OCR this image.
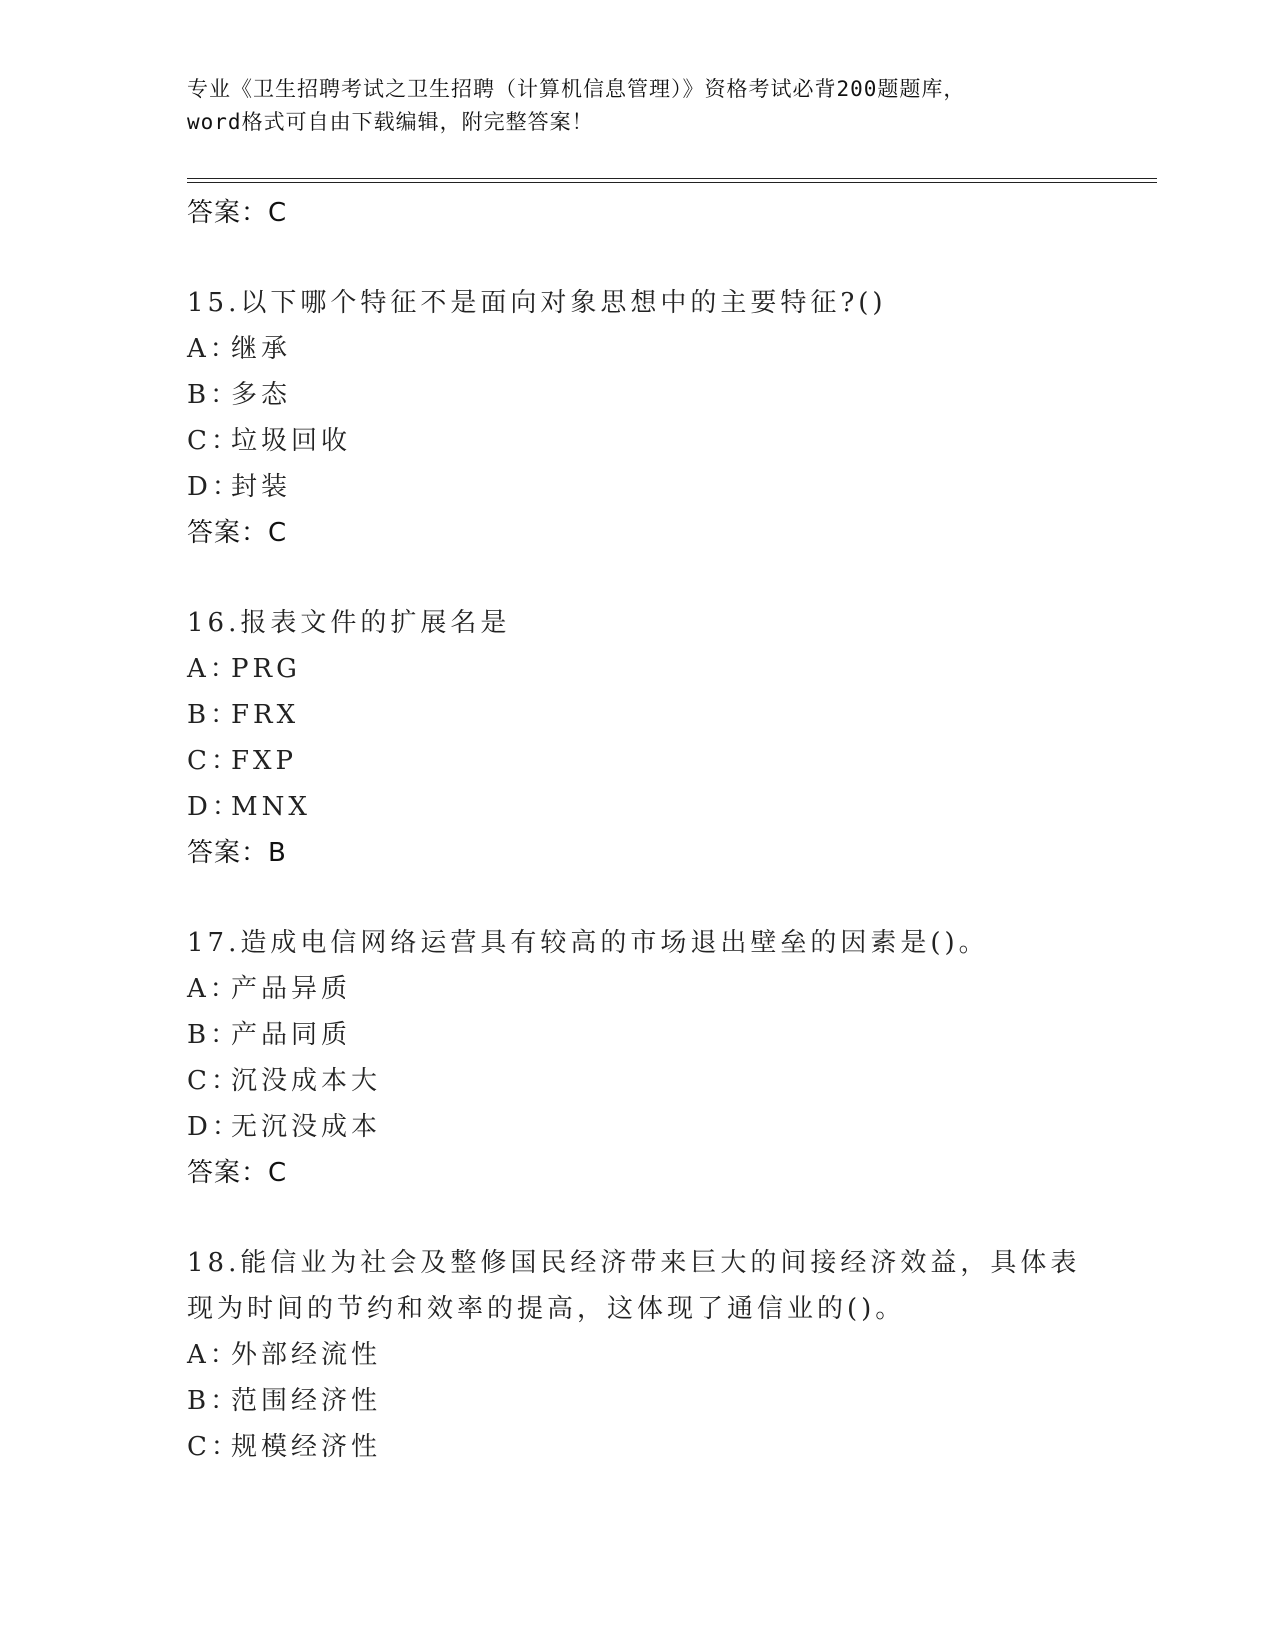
专业《卫生招聘考试之卫生招聘（计算机信息管理）》资格考试必背200题题库，
word格式可自由下载编辑，附完整答案！
答案：C
15.以下哪个特征不是面向对象思想中的主要特征?()
A：继承
B：多态
C：垃圾回收
D：封装
答案：C
16.报表文件的扩展名是
A：PRG
B：FRX
C：FXP
D：MNX
答案：B
17.造成电信网络运营具有较高的市场退出壁垒的因素是()。
A：产品异质
B：产品同质
C：沉没成本大
D：无沉没成本
答案：C
18.能信业为社会及整修国民经济带来巨大的间接经济效益，具体表现为时间的节约和效率的提高，这体现了通信业的()。
A：外部经流性
B：范围经济性
C：规模经济性
